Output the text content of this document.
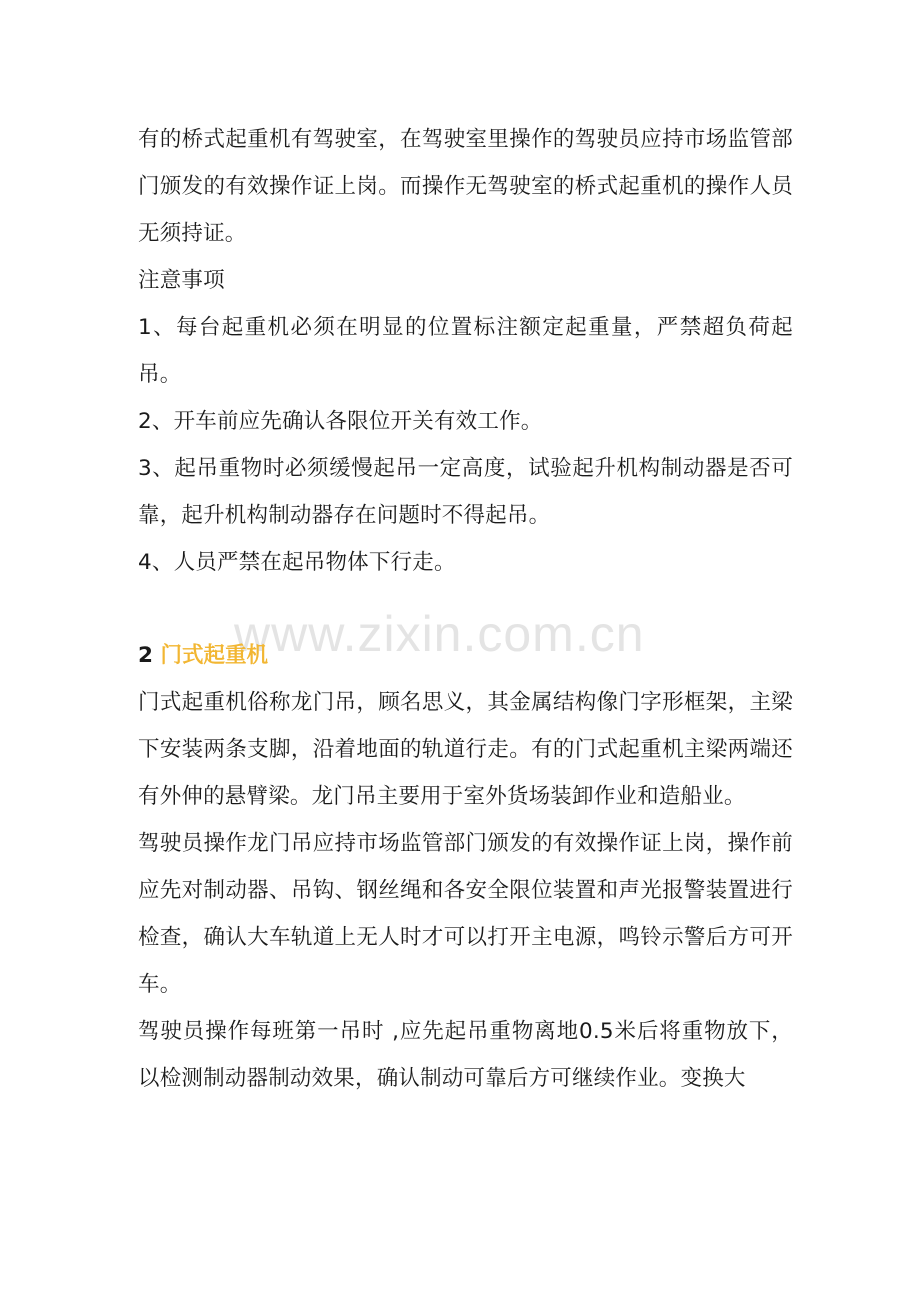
www.zixin.com.cn

有的桥式起重机有驾驶室，在驾驶室里操作的驾驶员应持市场监管部门颁发的有效操作证上岗。而操作无驾驶室的桥式起重机的操作人员无须持证。

注意事项

1、每台起重机必须在明显的位置标注额定起重量，严禁超负荷起吊。

2、开车前应先确认各限位开关有效工作。

3、起吊重物时必须缓慢起吊一定高度，试验起升机构制动器是否可靠，起升机构制动器存在问题时不得起吊。

4、人员严禁在起吊物体下行走。

2 门式起重机

门式起重机俗称龙门吊，顾名思义，其金属结构像门字形框架，主梁下安装两条支脚，沿着地面的轨道行走。有的门式起重机主梁两端还有外伸的悬臂梁。龙门吊主要用于室外货场装卸作业和造船业。

驾驶员操作龙门吊应持市场监管部门颁发的有效操作证上岗，操作前应先对制动器、吊钩、钢丝绳和各安全限位装置和声光报警装置进行检查，确认大车轨道上无人时才可以打开主电源，鸣铃示警后方可开车。

驾驶员操作每班第一吊时 ,应先起吊重物离地0.5米后将重物放下，以检测制动器制动效果，确认制动可靠后方可继续作业。变换大
